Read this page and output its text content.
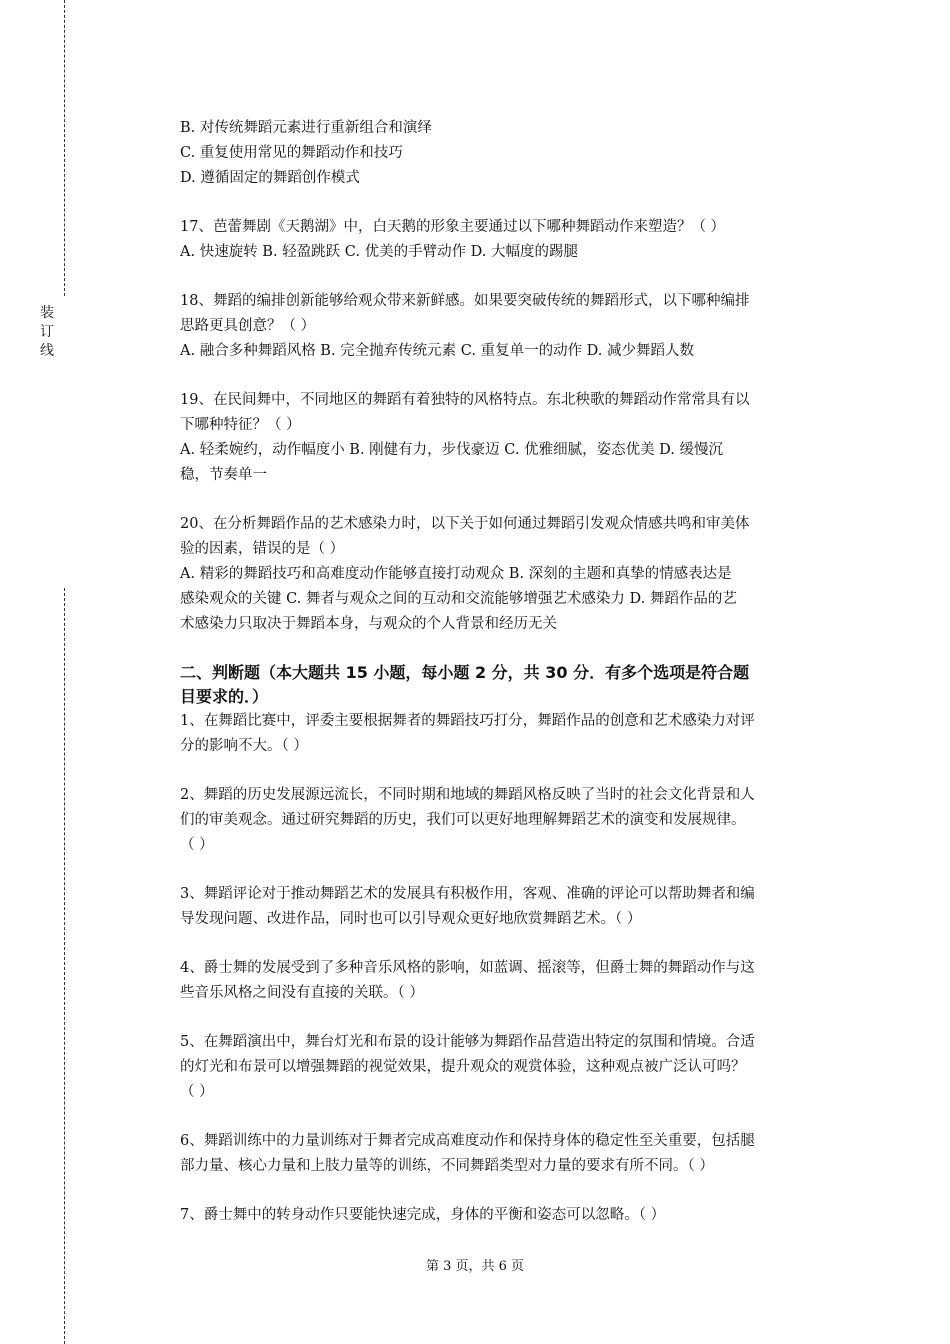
装
订
线
B. 对传统舞蹈元素进行重新组合和演绎
C. 重复使用常见的舞蹈动作和技巧
D. 遵循固定的舞蹈创作模式
17、芭蕾舞剧《天鹅湖》中，白天鹅的形象主要通过以下哪种舞蹈动作来塑造？（ ）
A. 快速旋转 B. 轻盈跳跃 C. 优美的手臂动作 D. 大幅度的踢腿
18、舞蹈的编排创新能够给观众带来新鲜感。如果要突破传统的舞蹈形式，以下哪种编排
思路更具创意？（ ）
A. 融合多种舞蹈风格 B. 完全抛弃传统元素 C. 重复单一的动作 D. 减少舞蹈人数
19、在民间舞中，不同地区的舞蹈有着独特的风格特点。东北秧歌的舞蹈动作常常具有以
下哪种特征？（ ）
A. 轻柔婉约，动作幅度小 B. 刚健有力，步伐豪迈 C. 优雅细腻，姿态优美 D. 缓慢沉
稳，节奏单一
20、在分析舞蹈作品的艺术感染力时，以下关于如何通过舞蹈引发观众情感共鸣和审美体
验的因素，错误的是（ ）
A. 精彩的舞蹈技巧和高难度动作能够直接打动观众 B. 深刻的主题和真挚的情感表达是
感染观众的关键 C. 舞者与观众之间的互动和交流能够增强艺术感染力 D. 舞蹈作品的艺
术感染力只取决于舞蹈本身，与观众的个人背景和经历无关
二、判断题（本大题共 15 小题，每小题 2 分，共 30 分．有多个选项是符合题
目要求的．）
1、在舞蹈比赛中，评委主要根据舞者的舞蹈技巧打分，舞蹈作品的创意和艺术感染力对评
分的影响不大。（ ）
2、舞蹈的历史发展源远流长，不同时期和地域的舞蹈风格反映了当时的社会文化背景和人
们的审美观念。通过研究舞蹈的历史，我们可以更好地理解舞蹈艺术的演变和发展规律。
（ ）
3、舞蹈评论对于推动舞蹈艺术的发展具有积极作用，客观、准确的评论可以帮助舞者和编
导发现问题、改进作品，同时也可以引导观众更好地欣赏舞蹈艺术。（ ）
4、爵士舞的发展受到了多种音乐风格的影响，如蓝调、摇滚等，但爵士舞的舞蹈动作与这
些音乐风格之间没有直接的关联。（ ）
5、在舞蹈演出中，舞台灯光和布景的设计能够为舞蹈作品营造出特定的氛围和情境。合适
的灯光和布景可以增强舞蹈的视觉效果，提升观众的观赏体验，这种观点被广泛认可吗？
（ ）
6、舞蹈训练中的力量训练对于舞者完成高难度动作和保持身体的稳定性至关重要，包括腿
部力量、核心力量和上肢力量等的训练，不同舞蹈类型对力量的要求有所不同。（ ）
7、爵士舞中的转身动作只要能快速完成，身体的平衡和姿态可以忽略。（ ）
第 3 页，共 6 页
